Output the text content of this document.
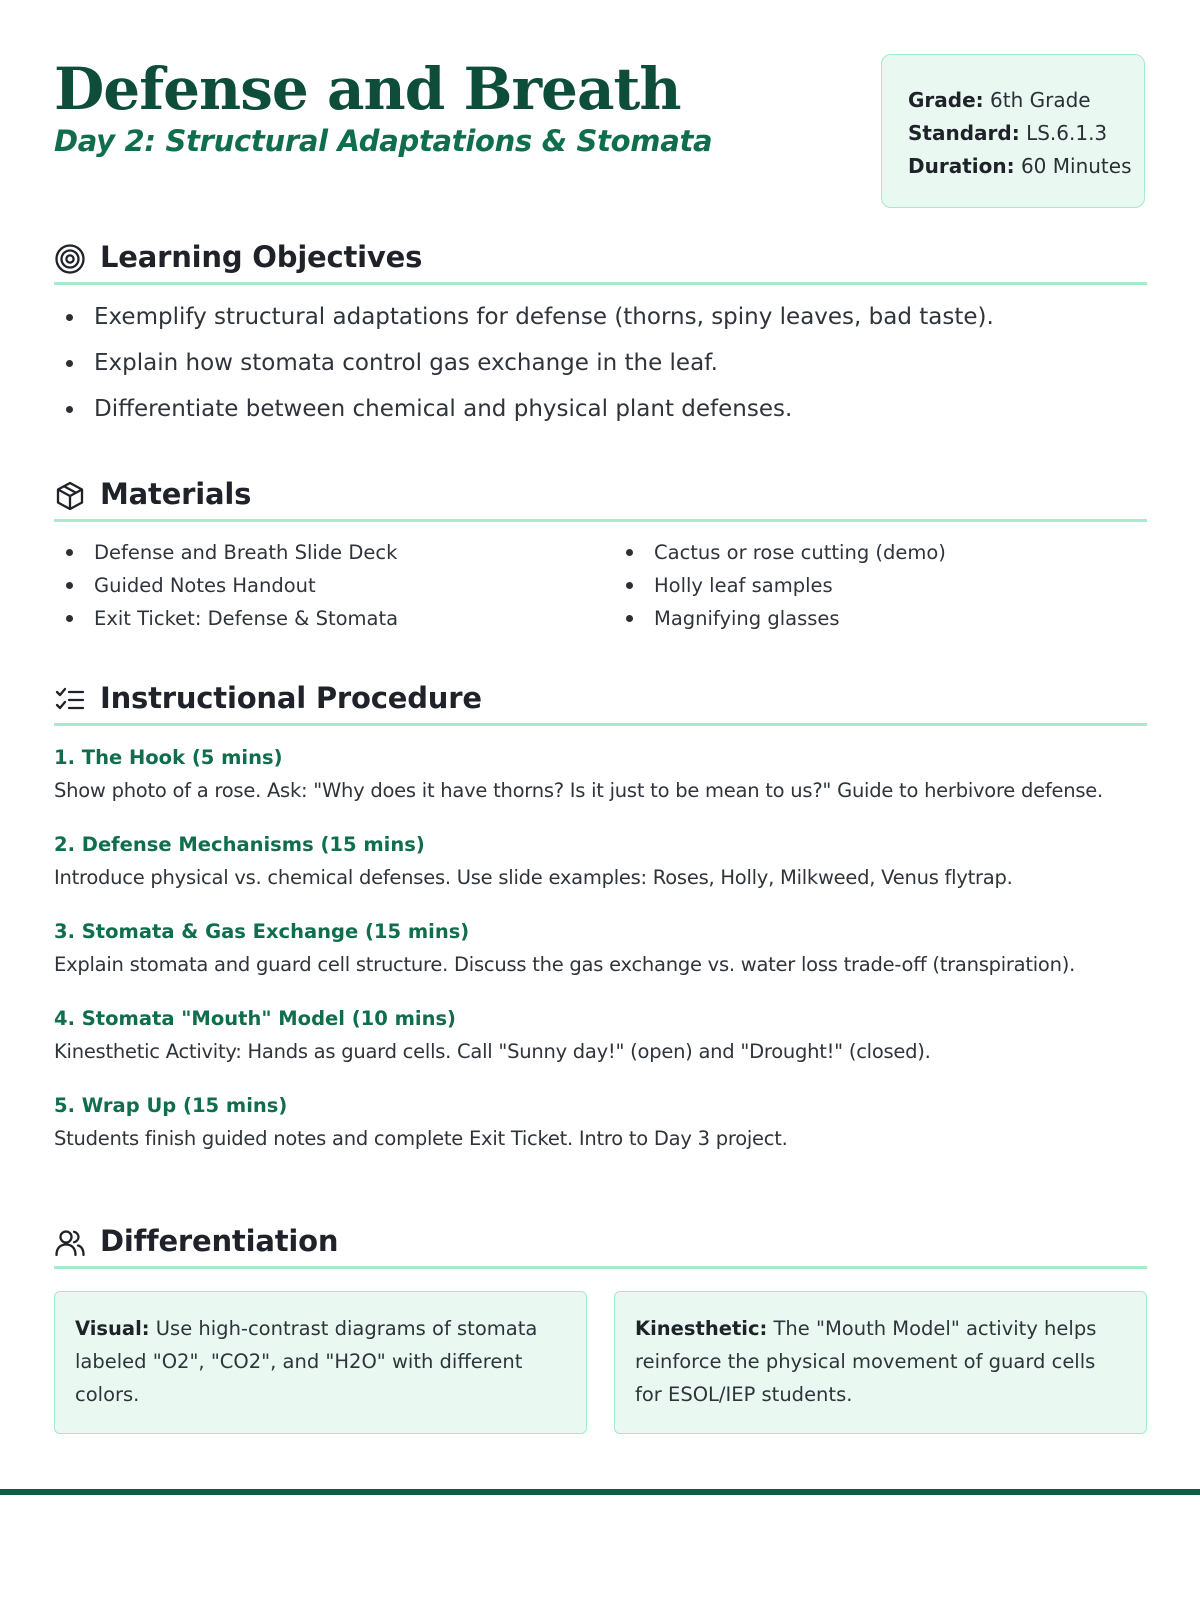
Defense and Breath
Day 2: Structural Adaptations & Stomata
Grade: 6th Grade
Standard: LS.6.1.3
Duration: 60 Minutes
Learning Objectives
Exemplify structural adaptations for defense (thorns, spiny leaves, bad taste).
Explain how stomata control gas exchange in the leaf.
Differentiate between chemical and physical plant defenses.
Materials
Defense and Breath Slide Deck
Guided Notes Handout
Exit Ticket: Defense & Stomata
Cactus or rose cutting (demo)
Holly leaf samples
Magnifying glasses
Instructional Procedure
1. The Hook (5 mins)
Show photo of a rose. Ask: "Why does it have thorns? Is it just to be mean to us?" Guide to herbivore defense.
2. Defense Mechanisms (15 mins)
Introduce physical vs. chemical defenses. Use slide examples: Roses, Holly, Milkweed, Venus flytrap.
3. Stomata & Gas Exchange (15 mins)
Explain stomata and guard cell structure. Discuss the gas exchange vs. water loss trade-off (transpiration).
4. Stomata "Mouth" Model (10 mins)
Kinesthetic Activity: Hands as guard cells. Call "Sunny day!" (open) and "Drought!" (closed).
5. Wrap Up (15 mins)
Students finish guided notes and complete Exit Ticket. Intro to Day 3 project.
Differentiation
Visual: Use high-contrast diagrams of stomata labeled "O2", "CO2", and "H2O" with different colors.
Kinesthetic: The "Mouth Model" activity helps reinforce the physical movement of guard cells for ESOL/IEP students.
